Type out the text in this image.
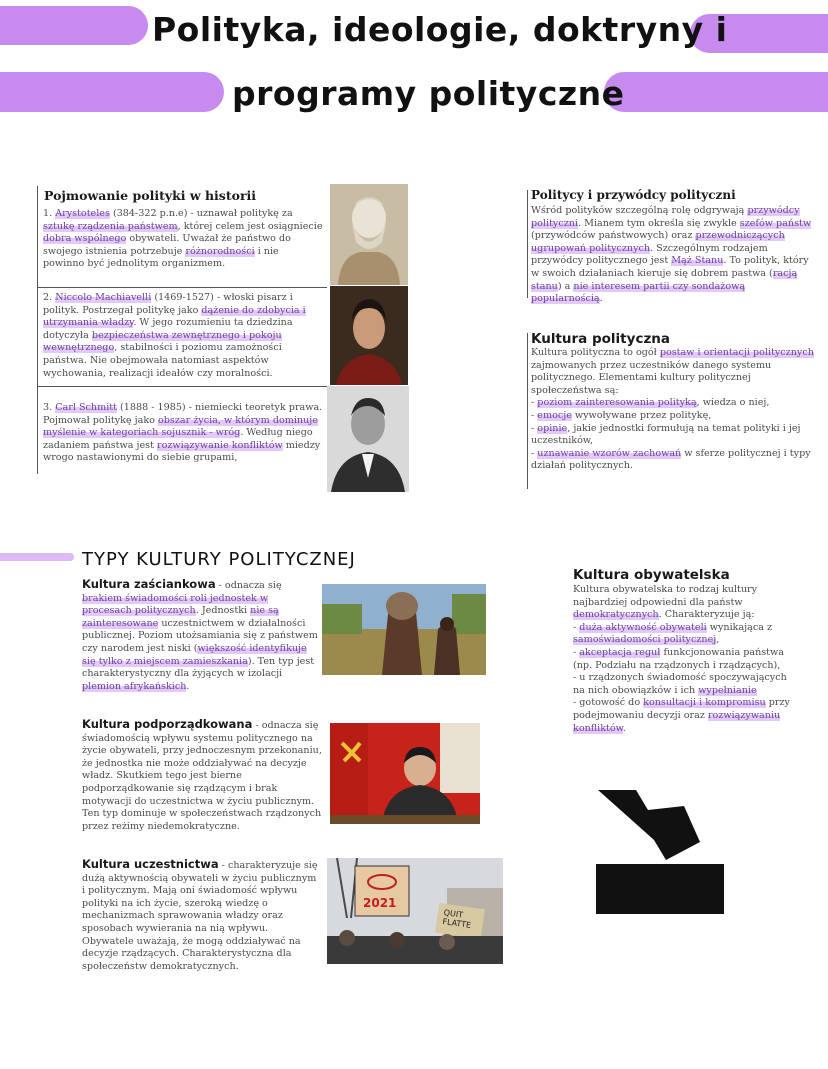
Polityka, ideologie, doktryny i
programy polityczne
Pojmowanie polityki w historii
1. Arystoteles (384-322 p.n.e) - uznawał politykę za sztukę rządzenia państwem, której celem jest osiągniecie dobra wspólnego obywateli. Uważał że państwo do swojego istnienia potrzebuje różnorodności i nie powinno być jednolitym organizmem.
2. Niccolo Machiavelli (1469-1527) - włoski pisarz i polityk. Postrzegał politykę jako dążenie do zdobycia i utrzymania władzy. W jego rozumieniu ta dziedzina dotyczyła bezpieczeństwa zewnętrznego i pokoju wewnętrznego, stabilności i poziomu zamożności państwa. Nie obejmowała natomiast aspektów wychowania, realizacji ideałów czy moralności.
3. Carl Schmitt (1888 - 1985) - niemiecki teoretyk prawa. Pojmował politykę jako obszar życia, w którym dominuje myślenie w kategoriach sojusznik - wróg. Według niego zadaniem państwa jest rozwiązywanie konfliktów miedzy wrogo nastawionymi do siebie grupami,
Politycy i przywódcy polityczni
Wśród polityków szczególną rolę odgrywają przywódcy polityczni. Mianem tym określa się zwykle szefów państw (przywódców państwowych) oraz przewodniczących ugrupowań politycznych. Szczególnym rodzajem przywódcy politycznego jest Mąż Stanu. To polityk, który w swoich działaniach kieruje się dobrem pastwa (racją stanu) a nie interesem partii czy sondażową popularnością.
Kultura polityczna
Kultura polityczna to ogół postaw i orientacji politycznych zajmowanych przez uczestników danego systemu politycznego. Elementami kultury politycznej społeczeństwa są:
- poziom zainteresowania polityką, wiedza o niej,
- emocje wywoływane przez politykę,
- opinie, jakie jednostki formułują na temat polityki i jej uczestników,
- uznawanie wzorów zachowań w sferze politycznej i typy działań politycznych.
TYPY KULTURY POLITYCZNEJ
Kultura zaściankowa - odnacza się brakiem świadomości roli jednostek w procesach politycznych. Jednostki nie są zainteresowane uczestnictwem w działalności publicznej. Poziom utożsamiania się z państwem czy narodem jest niski (większość identyfikuje się tylko z miejscem zamieszkania). Ten typ jest charakterystyczny dla żyjących w izolacji plemion afrykańskich.
Kultura podporządkowana - odnacza się świadomością wpływu systemu politycznego na życie obywateli, przy jednoczesnym przekonaniu, że jednostka nie może oddziaływać na decyzje władz. Skutkiem tego jest bierne podporządkowanie się rządzącym i brak motywacji do uczestnictwa w życiu publicznym. Ten typ dominuje w społeczeństwach rządzonych przez reżimy niedemokratyczne.
Kultura uczestnictwa - charakteryzuje się dużą aktywnością obywateli w życiu publicznym i politycznym. Mają oni świadomość wpływu polityki na ich życie, szeroką wiedzę o mechanizmach sprawowania władzy oraz sposobach wywierania na nią wpływu. Obywatele uważają, że mogą oddziaływać na decyzje rządzących. Charakterystyczna dla społeczeństw demokratycznych.
2021
QUIT
FLATTE
Kultura obywatelska
Kultura obywatelska to rodzaj kultury najbardziej odpowiedni dla państw demokratycznych. Charakteryzuje ją:
- duża aktywność obywateli wynikająca z samoświadomości politycznej,
- akceptacja reguł funkcjonowania państwa (np. Podziału na rządzonych i rządzących),
- u rządzonych świadomość spoczywających na nich obowiązków i ich wypełnianie
- gotowość do konsultacji i kompromisu przy podejmowaniu decyzji oraz rozwiązywaniu konfliktów.
